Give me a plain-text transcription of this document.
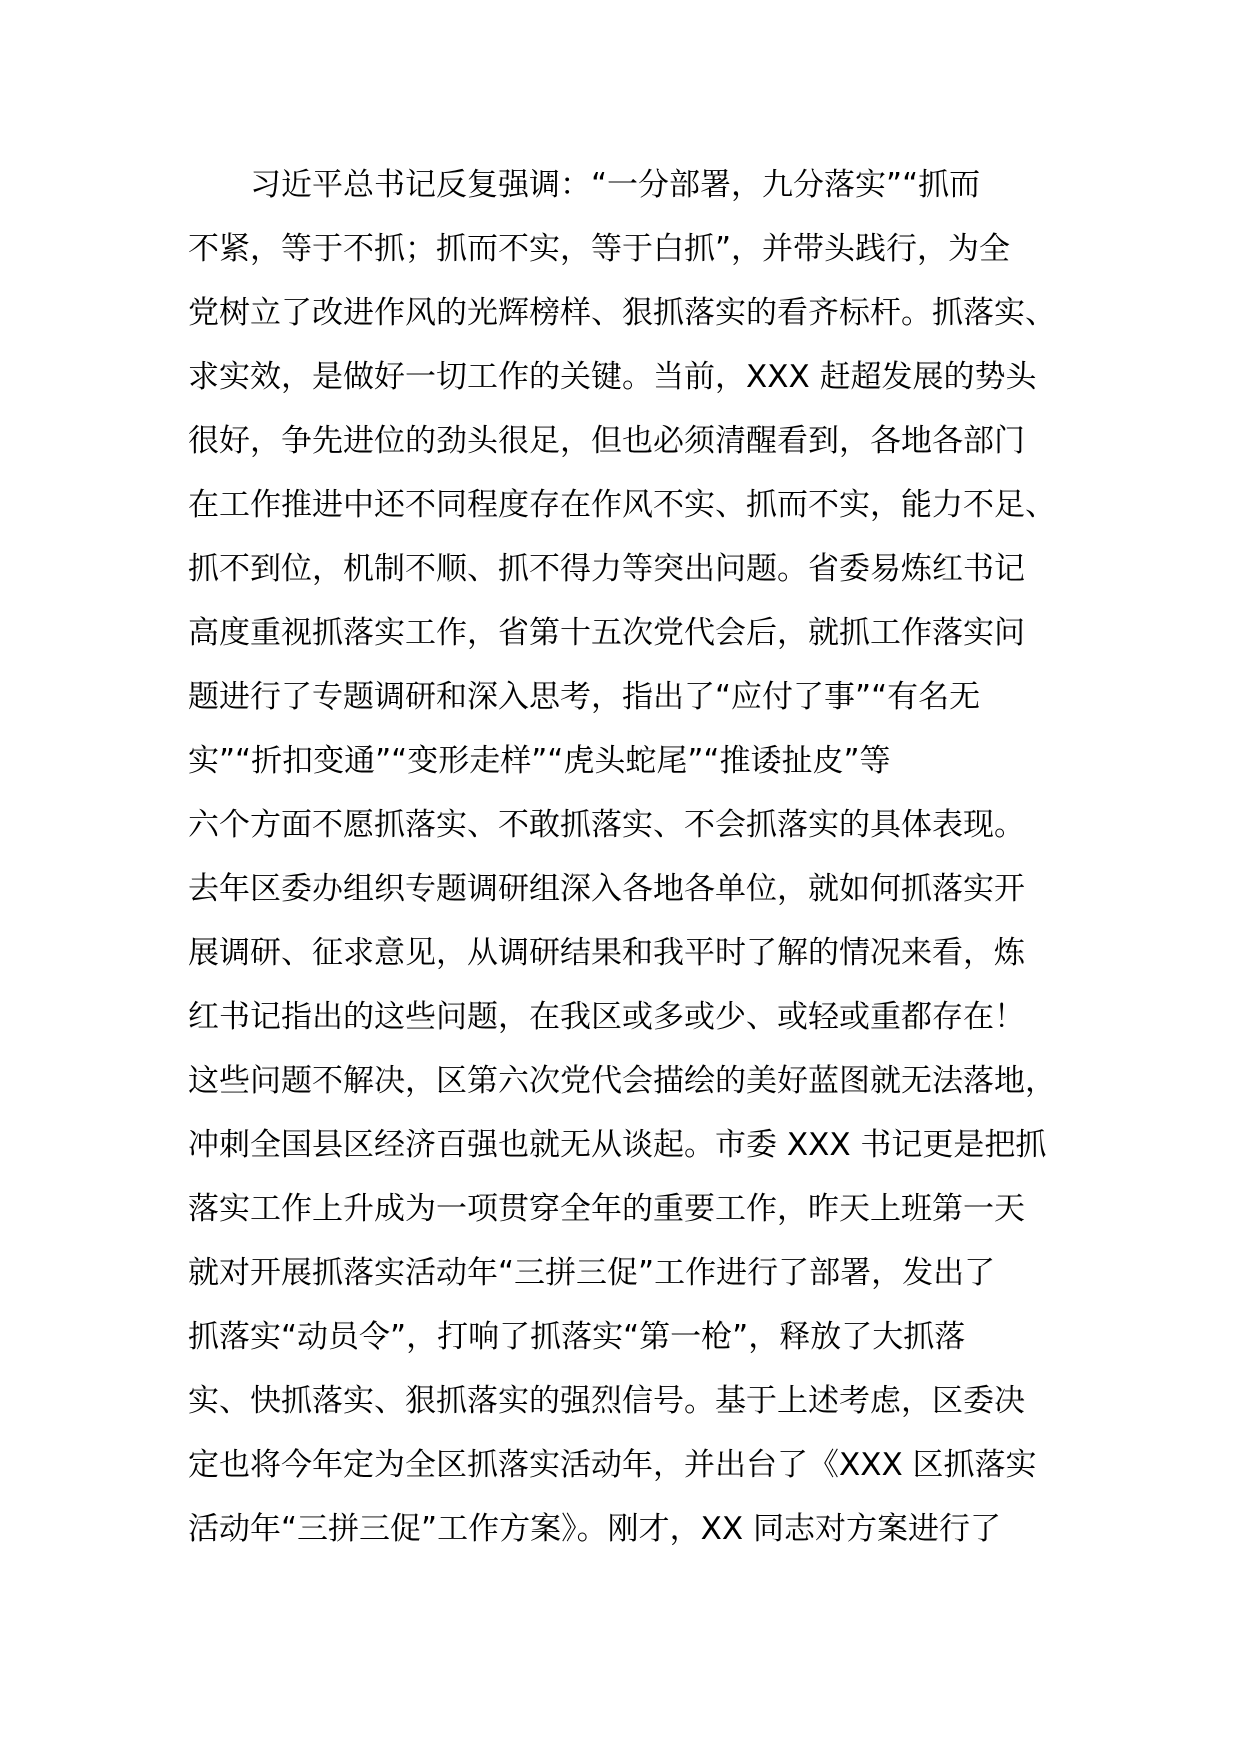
习近平总书记反复强调：“一分部署，九分落实”“抓而
不紧，等于不抓；抓而不实，等于白抓”，并带头践行，为全
党树立了改进作风的光辉榜样、狠抓落实的看齐标杆。抓落实、
求实效，是做好一切工作的关键。当前，XXX 赶超发展的势头
很好，争先进位的劲头很足，但也必须清醒看到，各地各部门
在工作推进中还不同程度存在作风不实、抓而不实，能力不足、
抓不到位，机制不顺、抓不得力等突出问题。省委易炼红书记
高度重视抓落实工作，省第十五次党代会后，就抓工作落实问
题进行了专题调研和深入思考，指出了“应付了事”“有名无
实”“折扣变通”“变形走样”“虎头蛇尾”“推诿扯皮”等
六个方面不愿抓落实、不敢抓落实、不会抓落实的具体表现。
去年区委办组织专题调研组深入各地各单位，就如何抓落实开
展调研、征求意见，从调研结果和我平时了解的情况来看，炼
红书记指出的这些问题，在我区或多或少、或轻或重都存在！
这些问题不解决，区第六次党代会描绘的美好蓝图就无法落地，
冲刺全国县区经济百强也就无从谈起。市委 XXX 书记更是把抓
落实工作上升成为一项贯穿全年的重要工作，昨天上班第一天
就对开展抓落实活动年“三拼三促”工作进行了部署，发出了
抓落实“动员令”，打响了抓落实“第一枪”，释放了大抓落
实、快抓落实、狠抓落实的强烈信号。基于上述考虑，区委决
定也将今年定为全区抓落实活动年，并出台了《XXX 区抓落实
活动年“三拼三促”工作方案》。刚才，XX 同志对方案进行了
